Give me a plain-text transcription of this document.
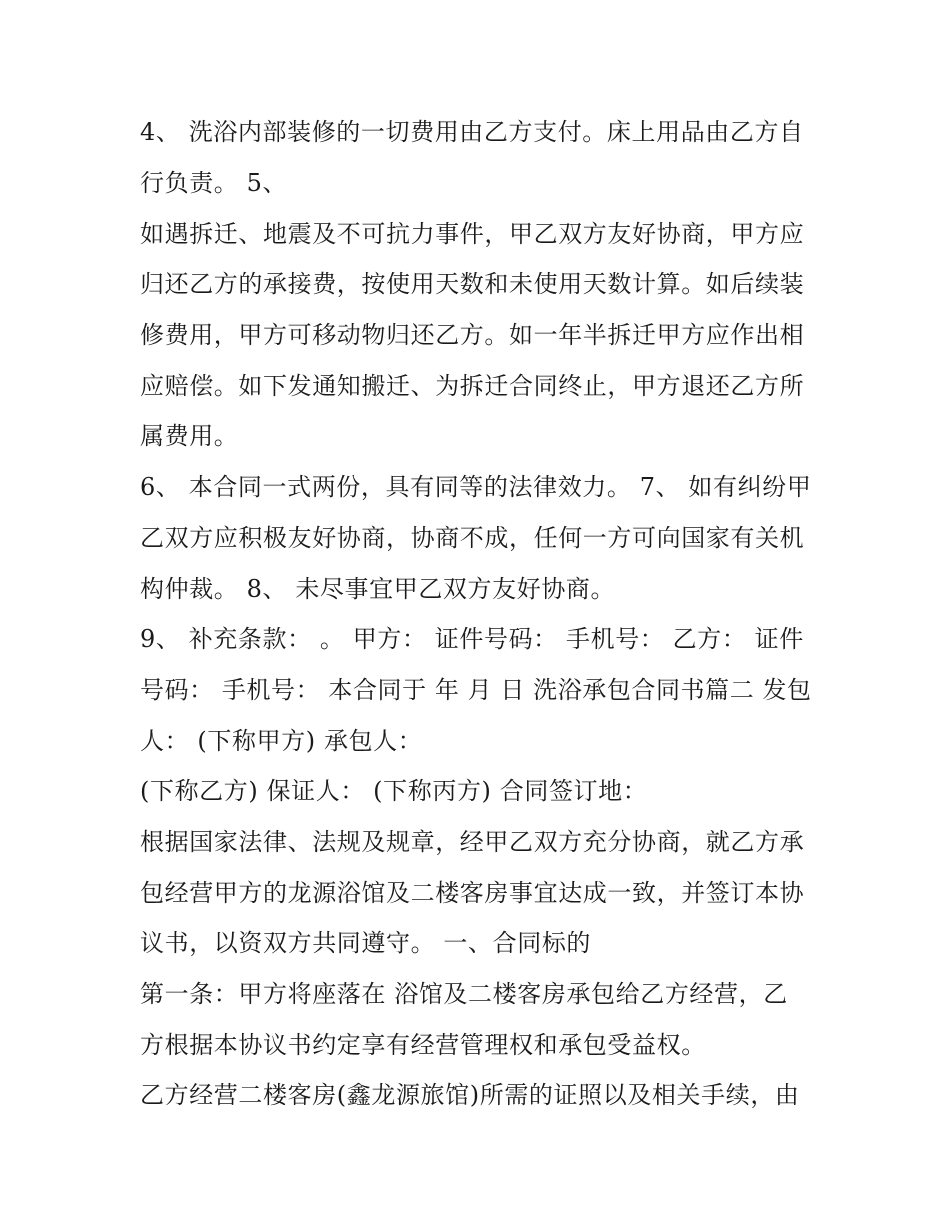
4、 洗浴内部装修的一切费用由乙方支付。床上用品由乙方自
行负责。 5、
如遇拆迁、地震及不可抗力事件，甲乙双方友好协商，甲方应
归还乙方的承接费，按使用天数和未使用天数计算。如后续装
修费用，甲方可移动物归还乙方。如一年半拆迁甲方应作出相
应赔偿。如下发通知搬迁、为拆迁合同终止，甲方退还乙方所
属费用。
6、 本合同一式两份，具有同等的法律效力。 7、 如有纠纷甲
乙双方应积极友好协商，协商不成，任何一方可向国家有关机
构仲裁。 8、 未尽事宜甲乙双方友好协商。
9、 补充条款： 。 甲方： 证件号码： 手机号： 乙方： 证件
号码： 手机号： 本合同于 年 月 日 洗浴承包合同书篇二 发包
人： (下称甲方) 承包人：
(下称乙方) 保证人： (下称丙方) 合同签订地：
根据国家法律、法规及规章，经甲乙双方充分协商，就乙方承
包经营甲方的龙源浴馆及二楼客房事宜达成一致，并签订本协
议书，以资双方共同遵守。 一、合同标的
第一条：甲方将座落在 浴馆及二楼客房承包给乙方经营，乙
方根据本协议书约定享有经营管理权和承包受益权。
乙方经营二楼客房(鑫龙源旅馆)所需的证照以及相关手续，由
